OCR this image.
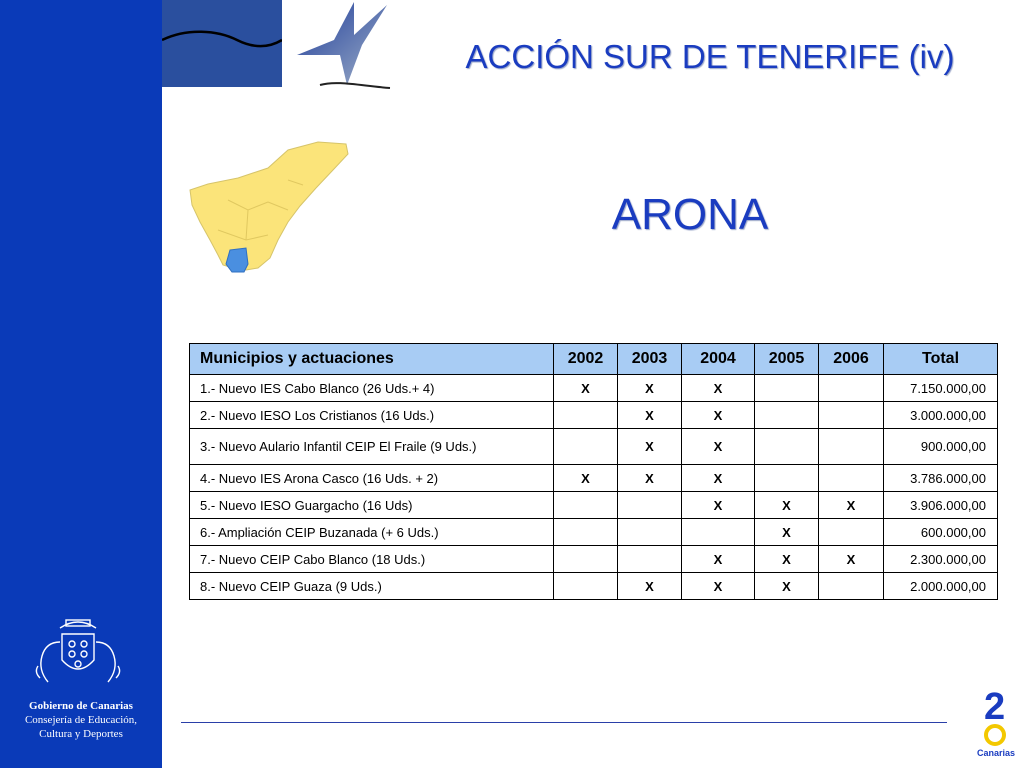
ACCIÓN SUR DE TENERIFE (iv)
ARONA
Municipios y actuaciones	2002	2003	2004	2005	2006	Total
1.- Nuevo IES Cabo Blanco (26 Uds.+ 4)	X	X	X			7.150.000,00
2.- Nuevo IESO Los Cristianos (16 Uds.)		X	X			3.000.000,00
3.- Nuevo Aulario Infantil CEIP El Fraile (9 Uds.)		X	X			900.000,00
4.- Nuevo IES Arona Casco (16 Uds. + 2)	X	X	X			3.786.000,00
5.- Nuevo IESO Guargacho (16 Uds)			X	X	X	3.906.000,00
6.- Ampliación CEIP Buzanada (+ 6 Uds.)				X		600.000,00
7.- Nuevo CEIP Cabo Blanco (18 Uds.)			X	X	X	2.300.000,00
8.- Nuevo CEIP Guaza (9 Uds.)		X	X	X		2.000.000,00
Gobierno de Canarias
Consejería de Educación,
Cultura y Deportes
2
Canarias
